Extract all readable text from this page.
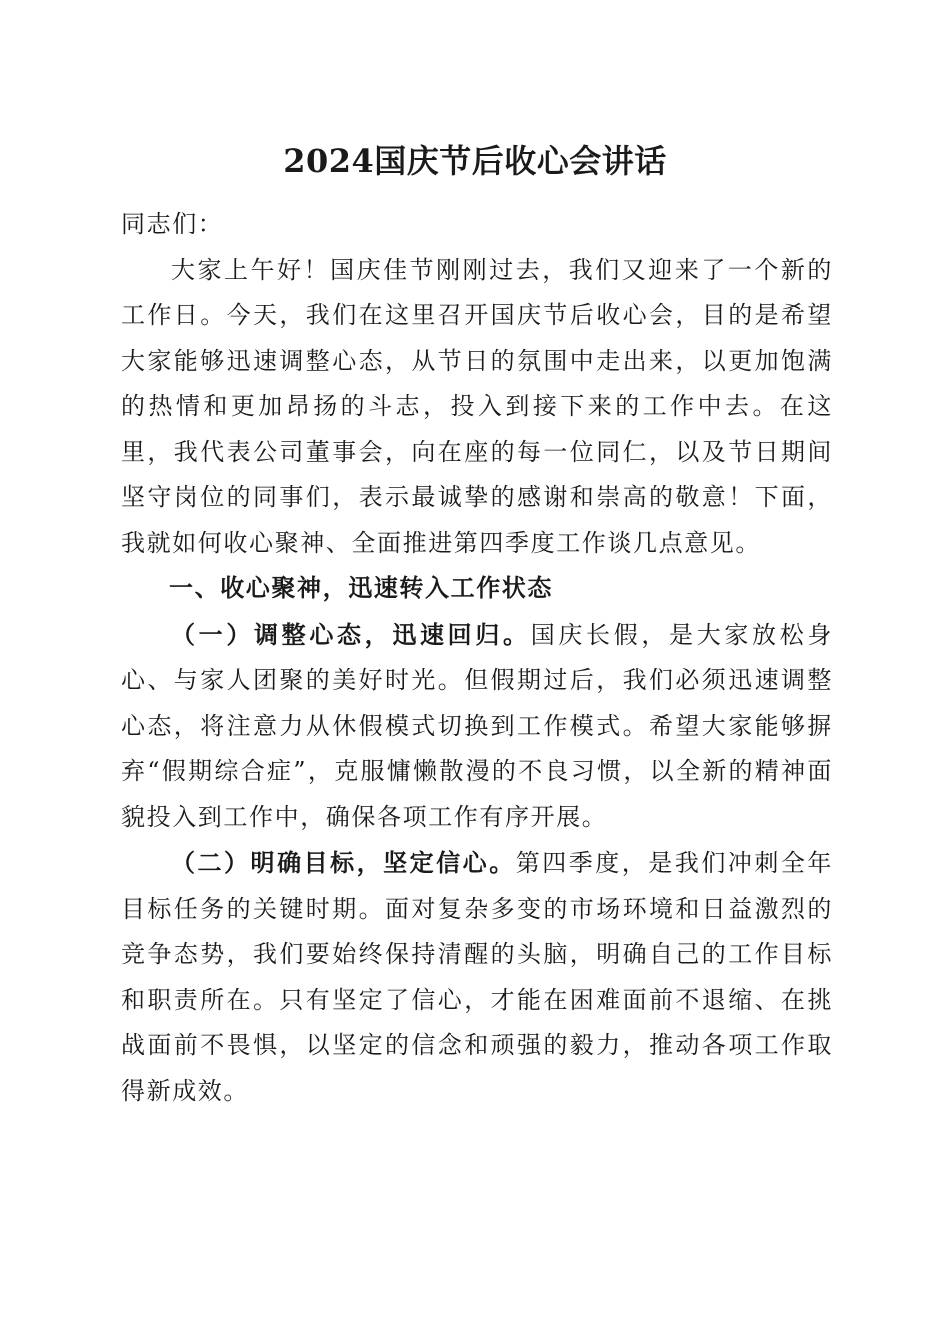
2024国庆节后收心会讲话

同志们：

大家上午好！国庆佳节刚刚过去，我们又迎来了一个新的工作日。今天，我们在这里召开国庆节后收心会，目的是希望大家能够迅速调整心态，从节日的氛围中走出来，以更加饱满的热情和更加昂扬的斗志，投入到接下来的工作中去。在这里，我代表公司董事会，向在座的每一位同仁，以及节日期间坚守岗位的同事们，表示最诚挚的感谢和崇高的敬意！下面，我就如何收心聚神、全面推进第四季度工作谈几点意见。

一、收心聚神，迅速转入工作状态

（一）调整心态，迅速回归。国庆长假，是大家放松身心、与家人团聚的美好时光。但假期过后，我们必须迅速调整心态，将注意力从休假模式切换到工作模式。希望大家能够摒弃“假期综合症”，克服慵懒散漫的不良习惯，以全新的精神面貌投入到工作中，确保各项工作有序开展。

（二）明确目标，坚定信心。第四季度，是我们冲刺全年目标任务的关键时期。面对复杂多变的市场环境和日益激烈的竞争态势，我们要始终保持清醒的头脑，明确自己的工作目标和职责所在。只有坚定了信心，才能在困难面前不退缩、在挑战面前不畏惧，以坚定的信念和顽强的毅力，推动各项工作取得新成效。
